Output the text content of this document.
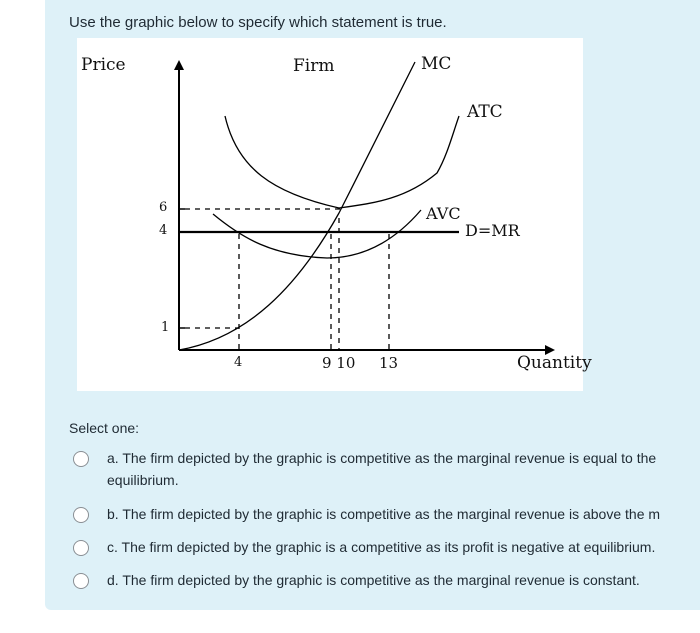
Use the graphic below to specify which statement is true.
Price	Firm	MC
ATC
AVC
D=MR
6
4
1
4	9 10 13	Quantity
Select one:
a. The firm depicted by the graphic is competitive as the marginal revenue is equal to the
equilibrium.
b. The firm depicted by the graphic is competitive as the marginal revenue is above the m
c. The firm depicted by the graphic is a competitive as its profit is negative at equilibrium.
d. The firm depicted by the graphic is competitive as the marginal revenue is constant.
